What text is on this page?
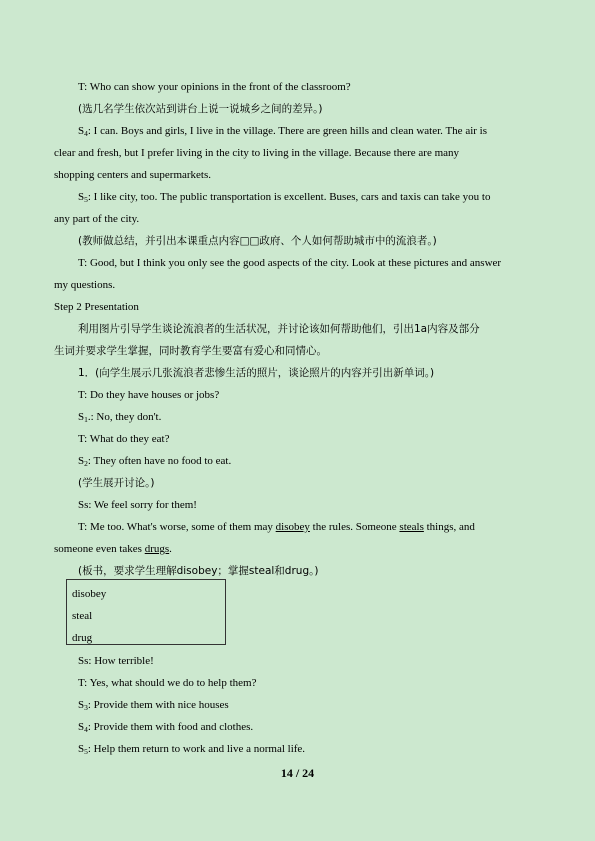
T: Who can show your opinions in the front of the classroom?
(选几名学生依次站到讲台上说一说城乡之间的差异。)
$S_4$: I can. Boys and girls, I live in the village. There are green hills and clean water. The air is
clear and fresh, but I prefer living in the city to living in the village. Because there are many
shopping centers and supermarkets.
$S_5$: I like city, too. The public transportation is excellent. Buses, cars and taxis can take you to
any part of the city.
(教师做总结，并引出本课重点内容□□政府、个人如何帮助城市中的流浪者。)
T: Good, but I think you only see the good aspects of the city. Look at these pictures and answer
my questions.
Step 2 Presentation
利用图片引导学生谈论流浪者的生活状况，并讨论该如何帮助他们，引出1a内容及部分
生词并要求学生掌握，同时教育学生要富有爱心和同情心。
1．(向学生展示几张流浪者悲惨生活的照片，谈论照片的内容并引出新单词。)
T: Do they have houses or jobs?
$S_1$.: No, they don't.
T: What do they eat?
$S_2$: They often have no food to eat.
(学生展开讨论。)
Ss: We feel sorry for them!
T: Me too. What's worse, some of them may disobey the rules. Someone steals things, and
someone even takes drugs.
(板书，要求学生理解disobey；掌握steal和drug。)
disobey
steal
drug
Ss: How terrible!
T: Yes, what should we do to help them?
$S_3$: Provide them with nice houses
$S_4$: Provide them with food and clothes.
$S_5$: Help them return to work and live a normal life.
14 / 24
